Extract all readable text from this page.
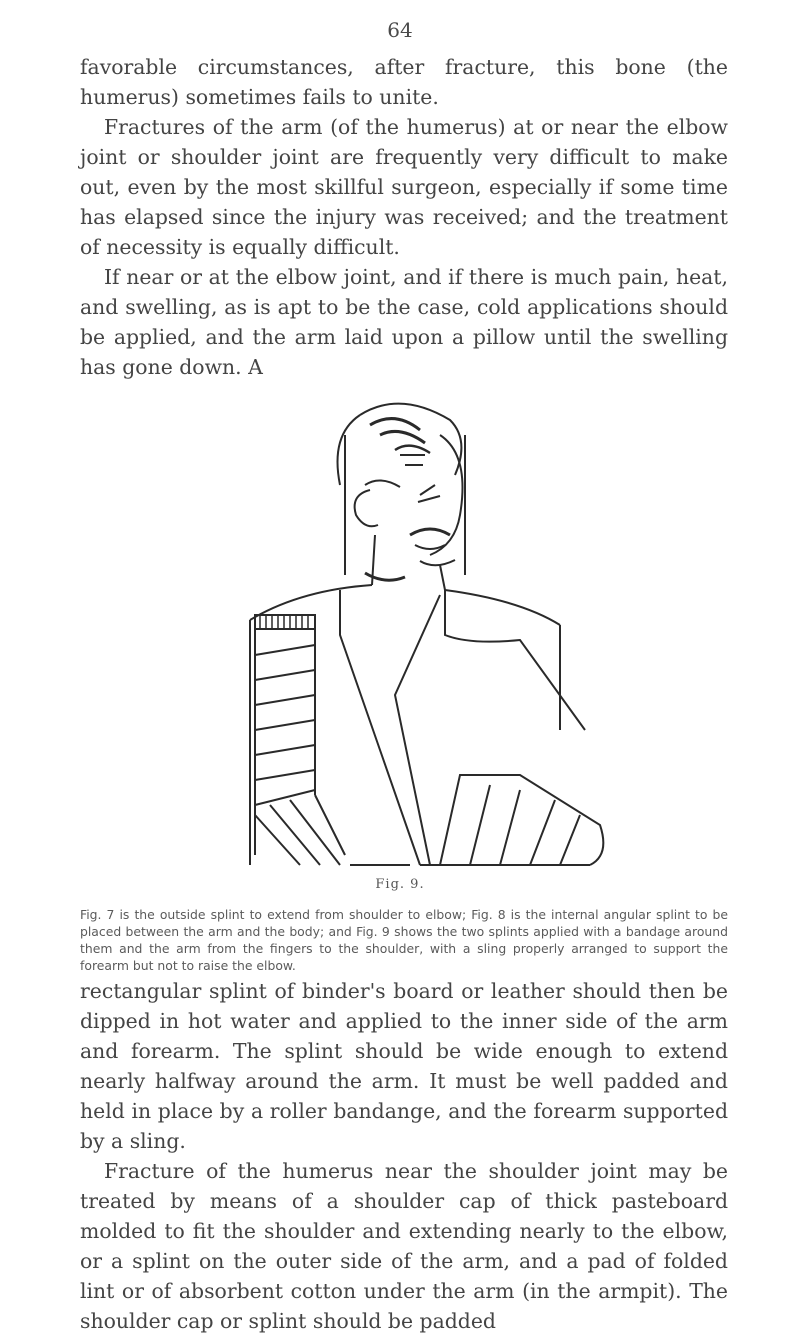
64

favorable circumstances, after fracture, this bone (the humerus) sometimes fails to unite.

Fractures of the arm (of the humerus) at or near the elbow joint or shoulder joint are frequently very difficult to make out, even by the most skillful surgeon, especially if some time has elapsed since the injury was received; and the treatment of necessity is equally difficult.

If near or at the elbow joint, and if there is much pain, heat, and swelling, as is apt to be the case, cold applications should be applied, and the arm laid upon a pillow until the swelling has gone down. A

Fig. 9.
Fig. 7 is the outside splint to extend from shoulder to elbow; Fig. 8 is the internal angular splint to be placed between the arm and the body; and Fig. 9 shows the two splints applied with a bandage around them and the arm from the fingers to the shoulder, with a sling properly arranged to support the forearm but not to raise the elbow.

rectangular splint of binder's board or leather should then be dipped in hot water and applied to the inner side of the arm and forearm. The splint should be wide enough to extend nearly halfway around the arm. It must be well padded and held in place by a roller bandange, and the forearm supported by a sling.

Fracture of the humerus near the shoulder joint may be treated by means of a shoulder cap of thick pasteboard molded to fit the shoulder and extending nearly to the elbow, or a splint on the outer side of the arm, and a pad of folded lint or of absorbent cotton under the arm (in the armpit). The shoulder cap or splint should be padded
